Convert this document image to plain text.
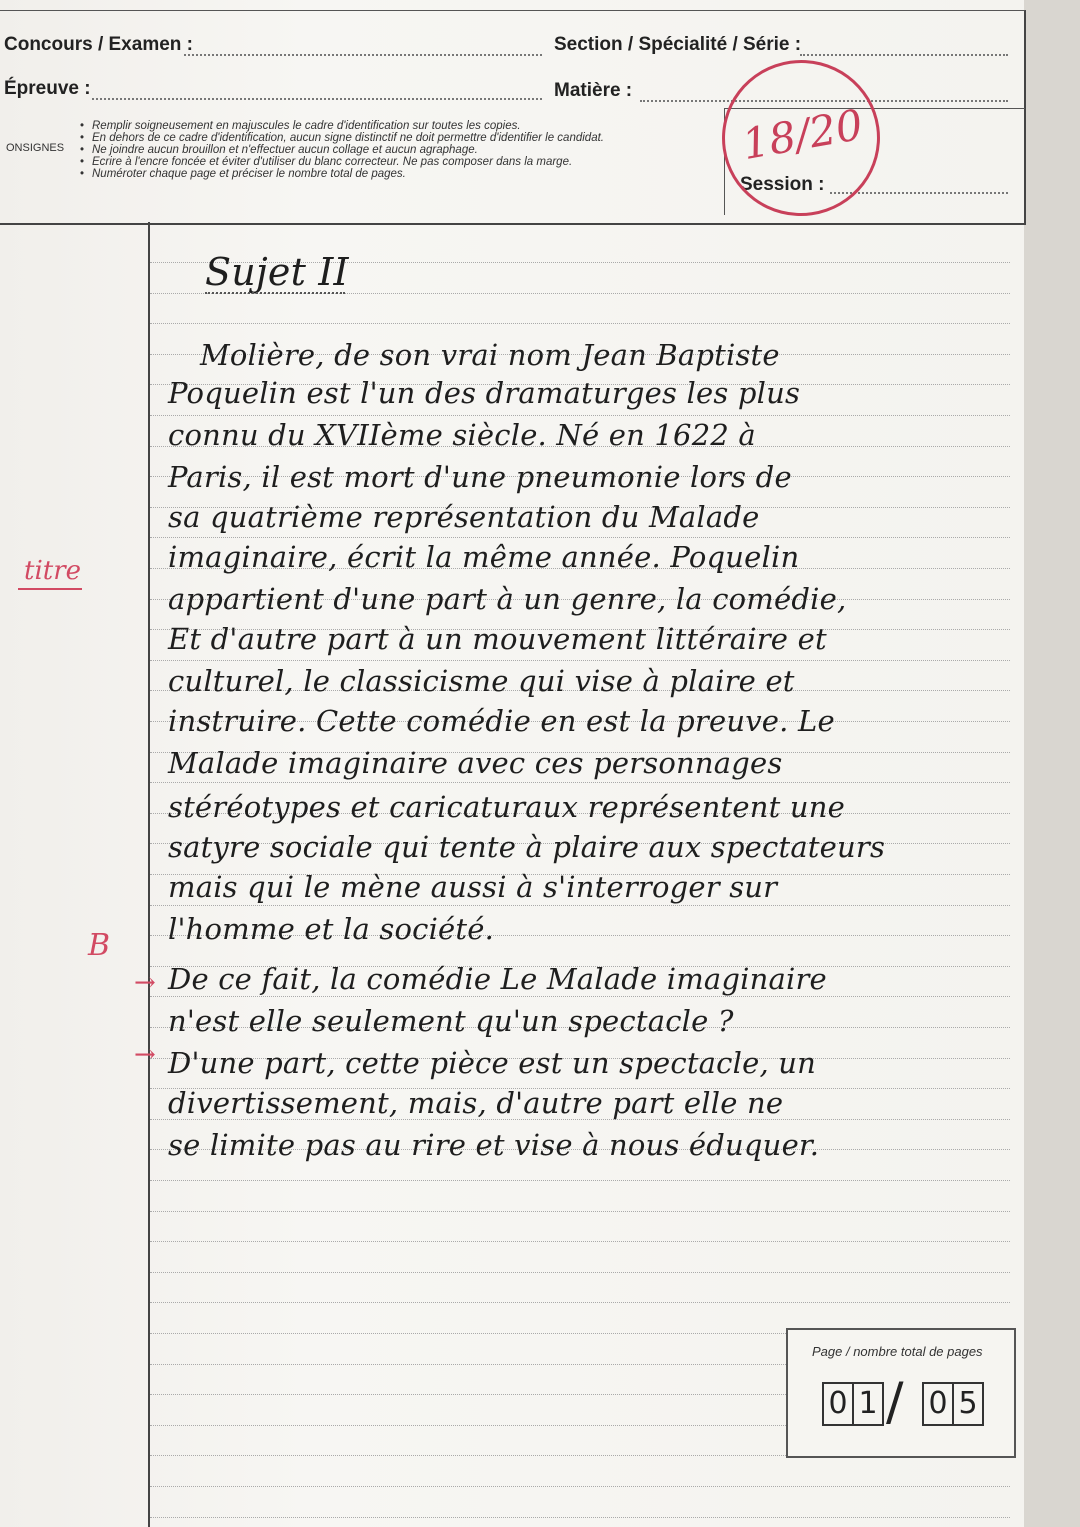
Concours / Examen :	Section / Spécialité / Série :
Épreuve :	Matière :
ONSIGNES
• Remplir soigneusement en majuscules le cadre d'identification sur toutes les copies.
• En dehors de ce cadre d'identification, aucun signe distinctif ne doit permettre d'identifier le candidat.
• Ne joindre aucun brouillon et n'effectuer aucun collage et aucun agraphage.
• Ecrire à l'encre foncée et éviter d'utiliser du blanc correcteur. Ne pas composer dans la marge.
• Numéroter chaque page et préciser le nombre total de pages.	Session :
18/20
titre
B
→
→
Sujet II
Molière, de son vrai nom Jean Baptiste
Poquelin est l'un des dramaturges les plus
connu du XVIIème siècle. Né en 1622 à
Paris, il est mort d'une pneumonie lors de
sa quatrième représentation du Malade
imaginaire, écrit la même année. Poquelin
appartient d'une part à un genre, la comédie,
Et d'autre part à un mouvement littéraire et
culturel, le classicisme qui vise à plaire et
instruire. Cette comédie en est la preuve. Le
Malade imaginaire avec ces personnages
stéréotypes et caricaturaux représentent une
satyre sociale qui tente à plaire aux spectateurs
mais qui le mène aussi à s'interroger sur
l'homme et la société.
De ce fait, la comédie Le Malade imaginaire
n'est elle seulement qu'un spectacle ?
D'une part, cette pièce est un spectacle, un
divertissement, mais, d'autre part elle ne
se limite pas au rire et vise à nous éduquer.
Page / nombre total de pages
0 1 / 0 5
